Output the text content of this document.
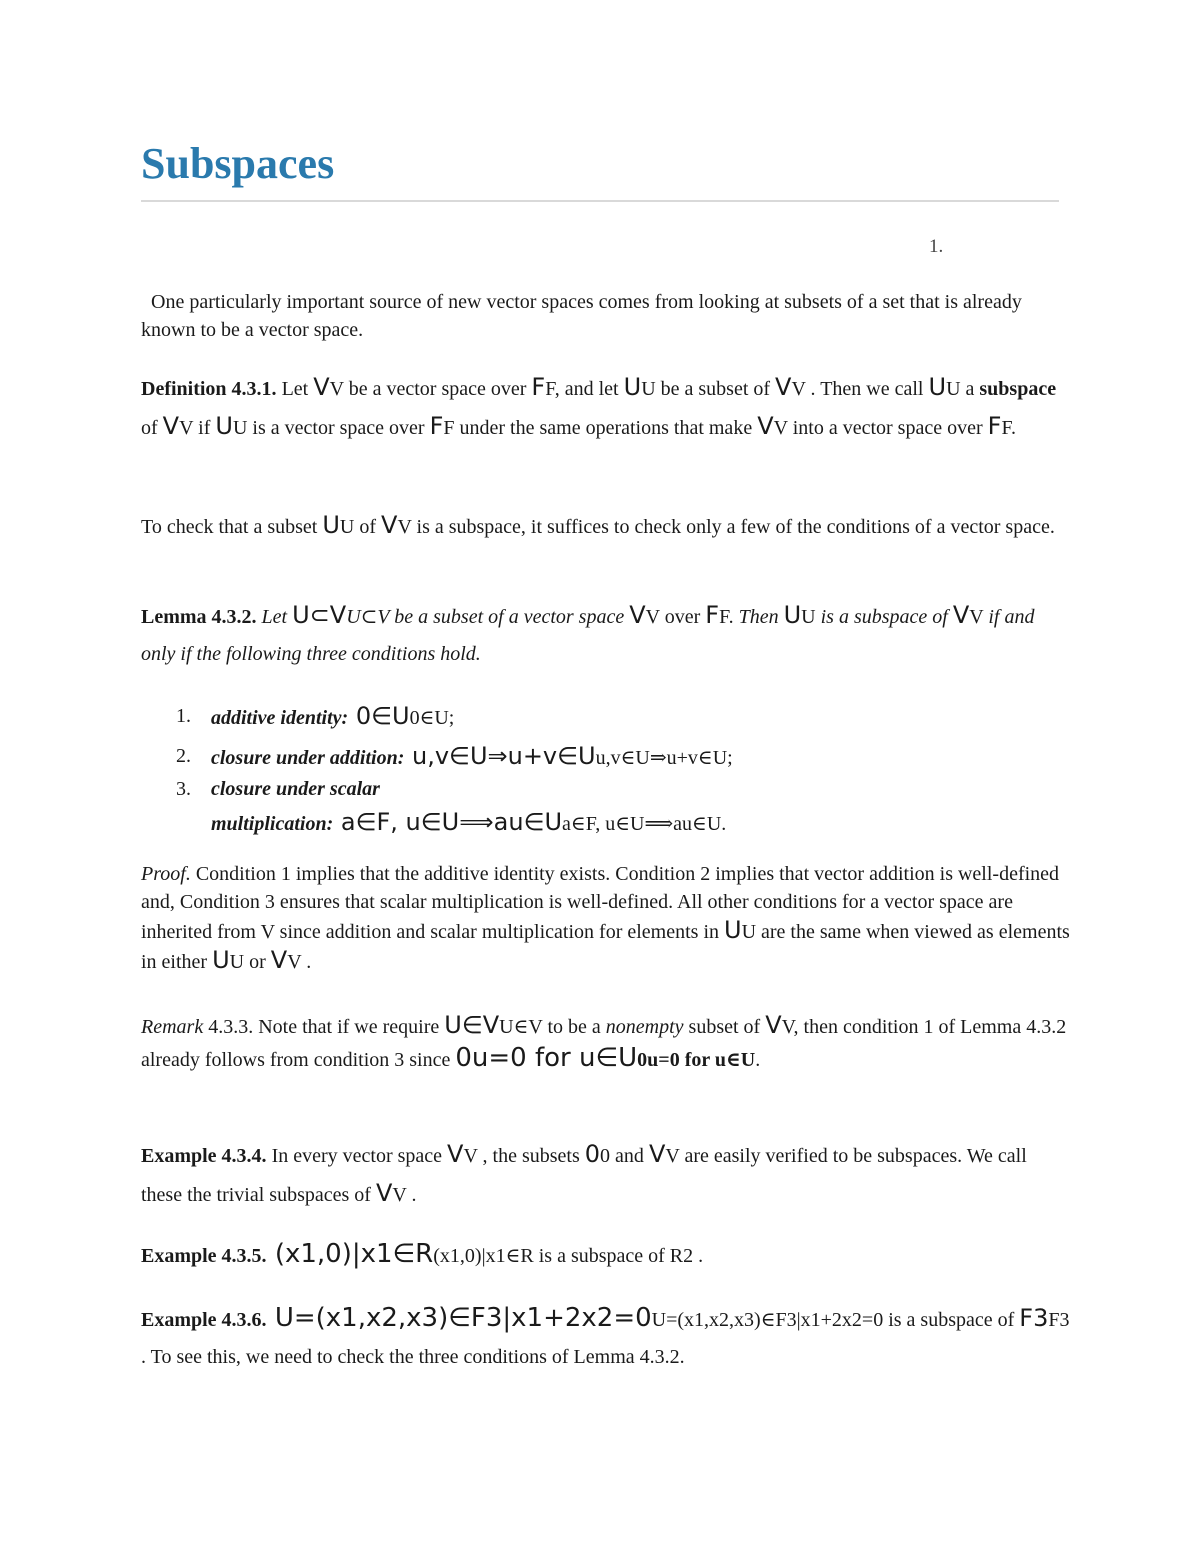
Subspaces
1.

One particularly important source of new vector spaces comes from looking at subsets of a set that is already known to be a vector space.

Definition 4.3.1. Let VV be a vector space over FF, and let UU be a subset of VV . Then we call UU a subspace of VV if UU is a vector space over FF under the same operations that make VV into a vector space over FF.

To check that a subset UU of VV is a subspace, it suffices to check only a few of the conditions of a vector space.

Lemma 4.3.2. Let U⊂VU⊂V be a subset of a vector space VV over FF. Then UU is a subspace of VV if and only if the following three conditions hold.

1. additive identity: 0∈U0∈U;
2. closure under addition: u,v∈U⇒u+v∈Uu,v∈U⇒u+v∈U;
3. closure under scalar
multiplication: a∈F, u∈U⟹au∈Ua∈F, u∈U⟹au∈U.

Proof. Condition 1 implies that the additive identity exists. Condition 2 implies that vector addition is well-defined and, Condition 3 ensures that scalar multiplication is well-defined. All other conditions for a vector space are inherited from V since addition and scalar multiplication for elements in UU are the same when viewed as elements in either UU or VV .

Remark 4.3.3. Note that if we require U∈VU∈V to be a nonempty subset of VV, then condition 1 of Lemma 4.3.2 already follows from condition 3 since 0u=0 for u∈U0u=0 for u∈U.

Example 4.3.4. In every vector space VV , the subsets 00 and VV are easily verified to be subspaces. We call these the trivial subspaces of VV .

Example 4.3.5. (x1,0)|x1∈R(x1,0)|x1∈R is a subspace of R2 .

Example 4.3.6. U=(x1,x2,x3)∈F3|x1+2x2=0U=(x1,x2,x3)∈F3|x1+2x2=0 is a subspace of F3F3 . To see this, we need to check the three conditions of Lemma 4.3.2.
